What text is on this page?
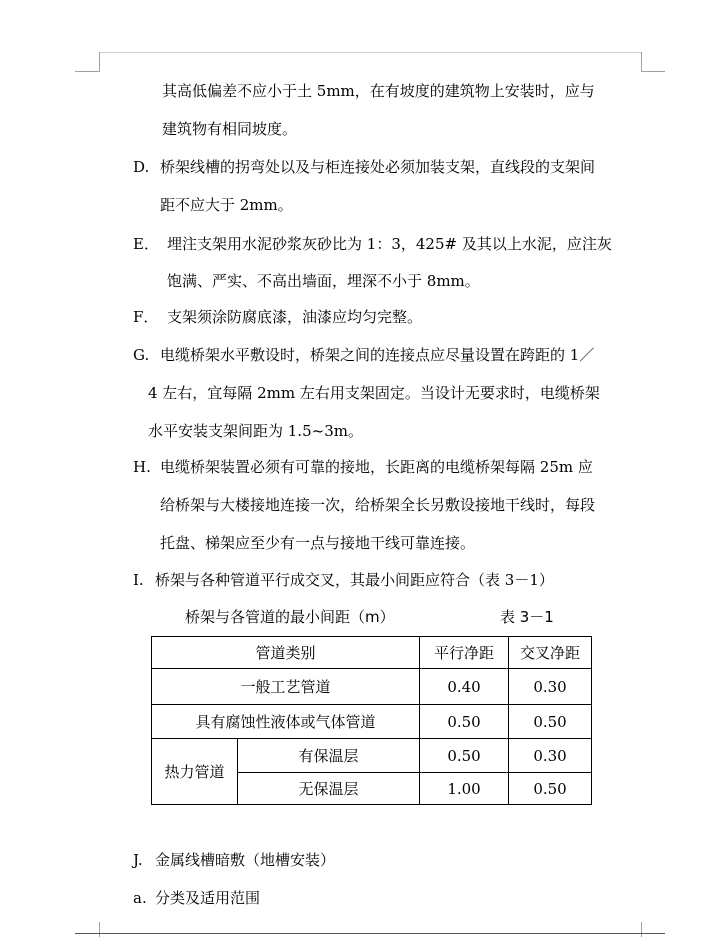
其高低偏差不应小于土 5mm，在有坡度的建筑物上安装时，应与
建筑物有相同坡度。
D. 桥架线槽的拐弯处以及与柜连接处必须加装支架，直线段的支架间
距不应大于 2mm。
E． 埋注支架用水泥砂浆灰砂比为 1：3，425# 及其以上水泥，应注灰
饱满、严实、不高出墙面，埋深不小于 8mm。
F． 支架须涂防腐底漆，油漆应均匀完整。
G. 电缆桥架水平敷设时，桥架之间的连接点应尽量设置在跨距的 1／
4 左右，宜每隔 2mm 左右用支架固定。当设计无要求时，电缆桥架
水平安装支架间距为 1.5~3m。
H. 电缆桥架装置必须有可靠的接地，长距离的电缆桥架每隔 25m 应
给桥架与大楼接地连接一次，给桥架全长另敷设接地干线时，每段
托盘、梯架应至少有一点与接地干线可靠连接。
I. 桥架与各种管道平行成交叉，其最小间距应符合（表 3－1）
桥架与各管道的最小间距（m）	表 3－1
管道类别		平行净距	交叉净距
一般工艺管道		0.40	0.30
具有腐蚀性液体或气体管道		0.50	0.50
热力管道	有保温层	0.50	0.30
	无保温层	1.00	0.50
J. 金属线槽暗敷（地槽安装）
a. 分类及适用范围
